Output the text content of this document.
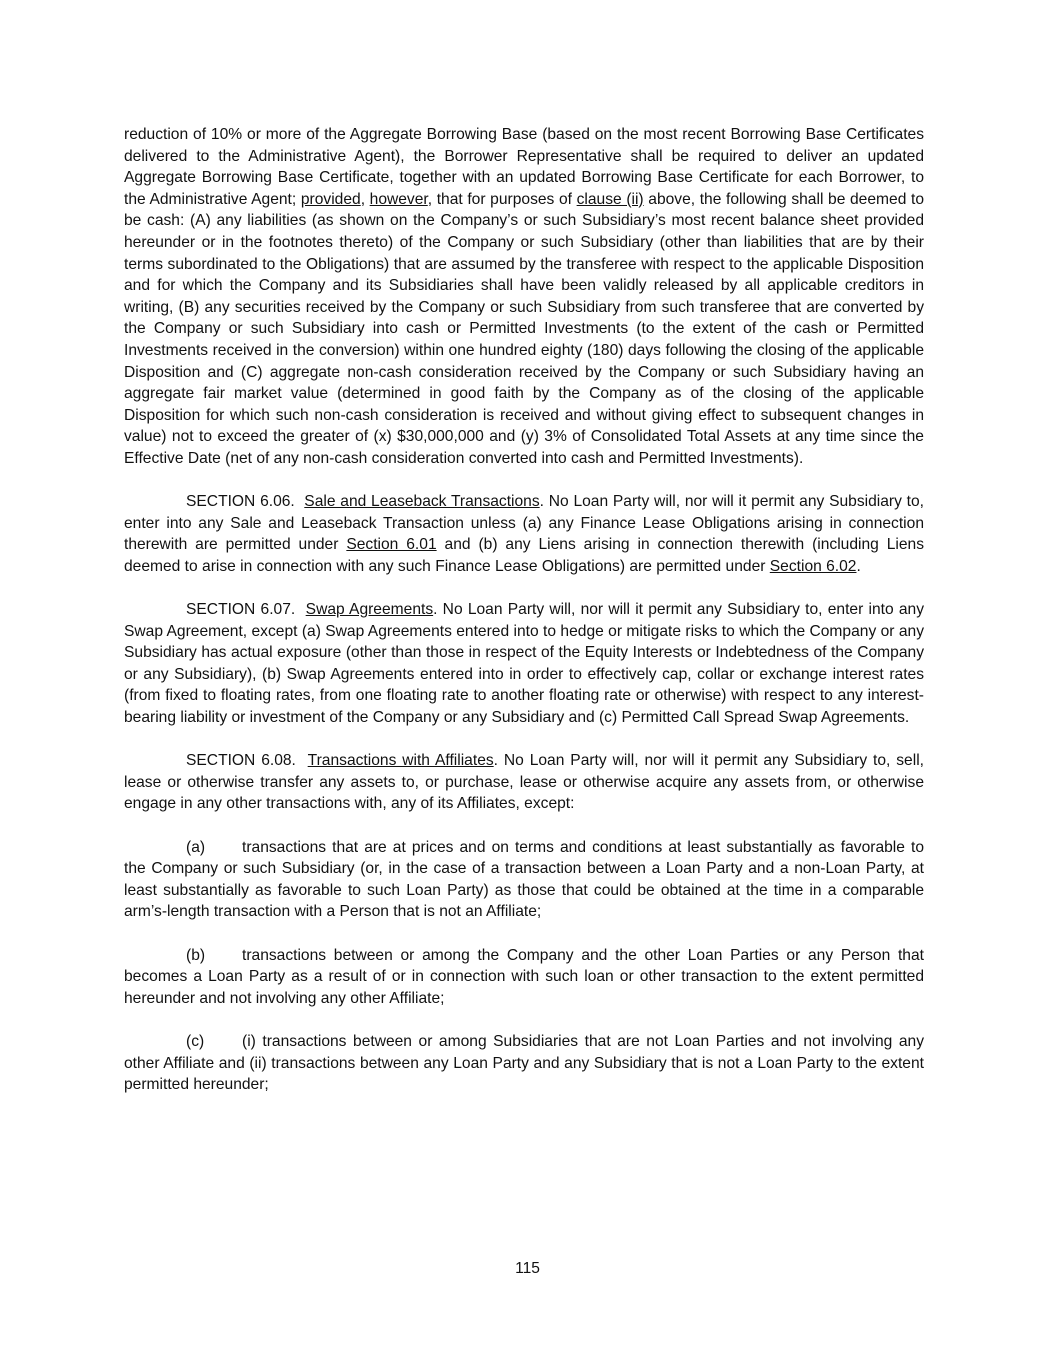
reduction of 10% or more of the Aggregate Borrowing Base (based on the most recent Borrowing Base Certificates delivered to the Administrative Agent), the Borrower Representative shall be required to deliver an updated Aggregate Borrowing Base Certificate, together with an updated Borrowing Base Certificate for each Borrower, to the Administrative Agent; provided, however, that for purposes of clause (ii) above, the following shall be deemed to be cash: (A) any liabilities (as shown on the Company’s or such Subsidiary’s most recent balance sheet provided hereunder or in the footnotes thereto) of the Company or such Subsidiary (other than liabilities that are by their terms subordinated to the Obligations) that are assumed by the transferee with respect to the applicable Disposition and for which the Company and its Subsidiaries shall have been validly released by all applicable creditors in writing, (B) any securities received by the Company or such Subsidiary from such transferee that are converted by the Company or such Subsidiary into cash or Permitted Investments (to the extent of the cash or Permitted Investments received in the conversion) within one hundred eighty (180) days following the closing of the applicable Disposition and (C) aggregate non-cash consideration received by the Company or such Subsidiary having an aggregate fair market value (determined in good faith by the Company as of the closing of the applicable Disposition for which such non-cash consideration is received and without giving effect to subsequent changes in value) not to exceed the greater of (x) $30,000,000 and (y) 3% of Consolidated Total Assets at any time since the Effective Date (net of any non-cash consideration converted into cash and Permitted Investments).

SECTION 6.06. Sale and Leaseback Transactions. No Loan Party will, nor will it permit any Subsidiary to, enter into any Sale and Leaseback Transaction unless (a) any Finance Lease Obligations arising in connection therewith are permitted under Section 6.01 and (b) any Liens arising in connection therewith (including Liens deemed to arise in connection with any such Finance Lease Obligations) are permitted under Section 6.02.

SECTION 6.07. Swap Agreements. No Loan Party will, nor will it permit any Subsidiary to, enter into any Swap Agreement, except (a) Swap Agreements entered into to hedge or mitigate risks to which the Company or any Subsidiary has actual exposure (other than those in respect of the Equity Interests or Indebtedness of the Company or any Subsidiary), (b) Swap Agreements entered into in order to effectively cap, collar or exchange interest rates (from fixed to floating rates, from one floating rate to another floating rate or otherwise) with respect to any interest-bearing liability or investment of the Company or any Subsidiary and (c) Permitted Call Spread Swap Agreements.

SECTION 6.08. Transactions with Affiliates. No Loan Party will, nor will it permit any Subsidiary to, sell, lease or otherwise transfer any assets to, or purchase, lease or otherwise acquire any assets from, or otherwise engage in any other transactions with, any of its Affiliates, except:

(a) transactions that are at prices and on terms and conditions at least substantially as favorable to the Company or such Subsidiary (or, in the case of a transaction between a Loan Party and a non-Loan Party, at least substantially as favorable to such Loan Party) as those that could be obtained at the time in a comparable arm’s-length transaction with a Person that is not an Affiliate;

(b) transactions between or among the Company and the other Loan Parties or any Person that becomes a Loan Party as a result of or in connection with such loan or other transaction to the extent permitted hereunder and not involving any other Affiliate;

(c) (i) transactions between or among Subsidiaries that are not Loan Parties and not involving any other Affiliate and (ii) transactions between any Loan Party and any Subsidiary that is not a Loan Party to the extent permitted hereunder;

115
